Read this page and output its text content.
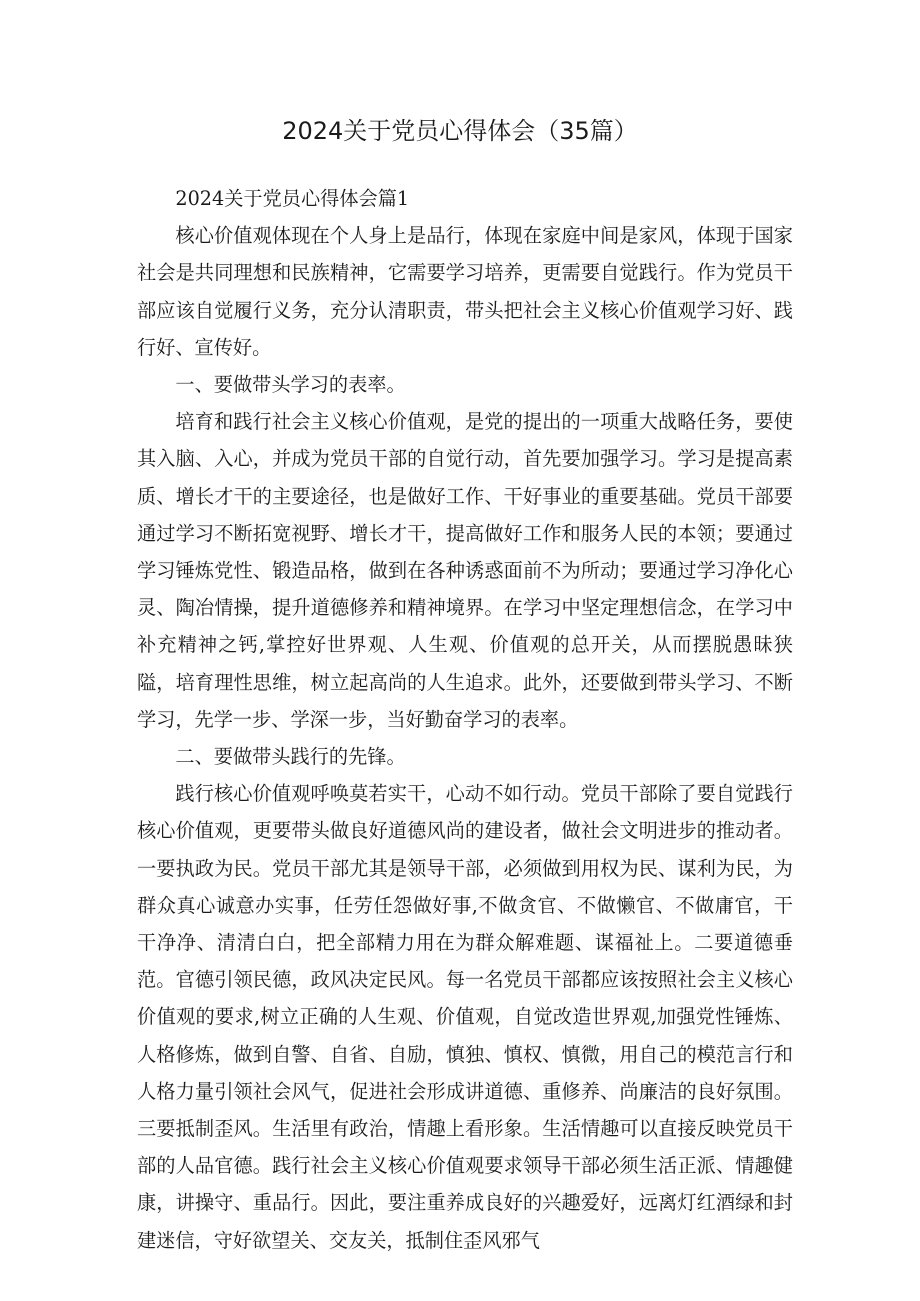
2024关于党员心得体会（35篇）

2024关于党员心得体会篇1

核心价值观体现在个人身上是品行，体现在家庭中间是家风，体现于国家社会是共同理想和民族精神，它需要学习培养，更需要自觉践行。作为党员干部应该自觉履行义务，充分认清职责，带头把社会主义核心价值观学习好、践行好、宣传好。

一、要做带头学习的表率。

培育和践行社会主义核心价值观，是党的提出的一项重大战略任务，要使其入脑、入心，并成为党员干部的自觉行动，首先要加强学习。学习是提高素质、增长才干的主要途径，也是做好工作、干好事业的重要基础。党员干部要通过学习不断拓宽视野、增长才干，提高做好工作和服务人民的本领；要通过学习锤炼党性、锻造品格，做到在各种诱惑面前不为所动；要通过学习净化心灵、陶冶情操，提升道德修养和精神境界。在学习中坚定理想信念，在学习中补充精神之钙,掌控好世界观、人生观、价值观的总开关，从而摆脱愚昧狭隘，培育理性思维，树立起高尚的人生追求。此外，还要做到带头学习、不断学习，先学一步、学深一步，当好勤奋学习的表率。

二、要做带头践行的先锋。

践行核心价值观呼唤莫若实干，心动不如行动。党员干部除了要自觉践行核心价值观，更要带头做良好道德风尚的建设者，做社会文明进步的推动者。一要执政为民。党员干部尤其是领导干部，必须做到用权为民、谋利为民，为群众真心诚意办实事，任劳任怨做好事,不做贪官、不做懒官、不做庸官，干干净净、清清白白，把全部精力用在为群众解难题、谋福祉上。二要道德垂范。官德引领民德，政风决定民风。每一名党员干部都应该按照社会主义核心价值观的要求,树立正确的人生观、价值观，自觉改造世界观,加强党性锤炼、人格修炼，做到自警、自省、自励，慎独、慎权、慎微，用自己的模范言行和人格力量引领社会风气，促进社会形成讲道德、重修养、尚廉洁的良好氛围。三要抵制歪风。生活里有政治，情趣上看形象。生活情趣可以直接反映党员干部的人品官德。践行社会主义核心价值观要求领导干部必须生活正派、情趣健康，讲操守、重品行。因此，要注重养成良好的兴趣爱好，远离灯红酒绿和封建迷信，守好欲望关、交友关，抵制住歪风邪气
